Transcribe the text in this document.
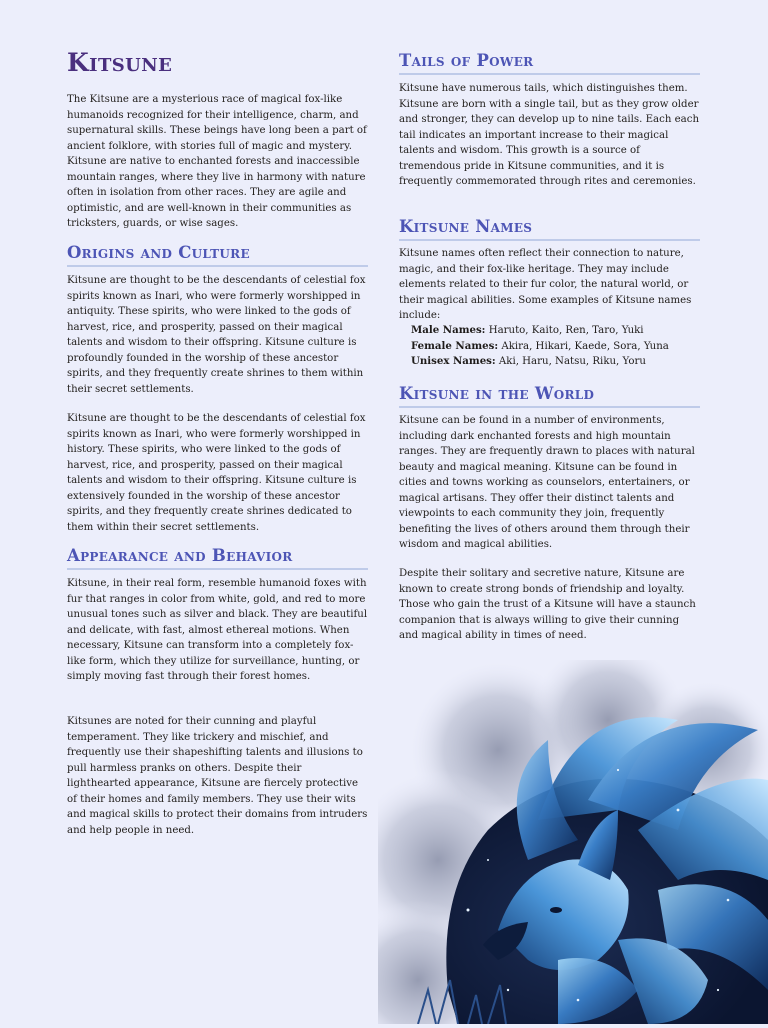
Kitsune

The Kitsune are a mysterious race of magical fox-like humanoids recognized for their intelligence, charm, and supernatural skills. These beings have long been a part of ancient folklore, with stories full of magic and mystery. Kitsune are native to enchanted forests and inaccessible mountain ranges, where they live in harmony with nature often in isolation from other races. They are agile and optimistic, and are well-known in their communities as tricksters, guards, or wise sages.

Origins and Culture

Kitsune are thought to be the descendants of celestial fox spirits known as Inari, who were formerly worshipped in antiquity. These spirits, who were linked to the gods of harvest, rice, and prosperity, passed on their magical talents and wisdom to their offspring. Kitsune culture is profoundly founded in the worship of these ancestor spirits, and they frequently create shrines to them within their secret settlements.

Kitsune are thought to be the descendants of celestial fox spirits known as Inari, who were formerly worshipped in history. These spirits, who were linked to the gods of harvest, rice, and prosperity, passed on their magical talents and wisdom to their offspring. Kitsune culture is extensively founded in the worship of these ancestor spirits, and they frequently create shrines dedicated to them within their secret settlements.

Appearance and Behavior

Kitsune, in their real form, resemble humanoid foxes with fur that ranges in color from white, gold, and red to more unusual tones such as silver and black. They are beautiful and delicate, with fast, almost ethereal motions. When necessary, Kitsune can transform into a completely fox-like form, which they utilize for surveillance, hunting, or simply moving fast through their forest homes.

Kitsunes are noted for their cunning and playful temperament. They like trickery and mischief, and frequently use their shapeshifting talents and illusions to pull harmless pranks on others. Despite their lighthearted appearance, Kitsune are fiercely protective of their homes and family members. They use their wits and magical skills to protect their domains from intruders and help people in need.

Tails of Power

Kitsune have numerous tails, which distinguishes them. Kitsune are born with a single tail, but as they grow older and stronger, they can develop up to nine tails. Each each tail indicates an important increase to their magical talents and wisdom. This growth is a source of tremendous pride in Kitsune communities, and it is frequently commemorated through rites and ceremonies.

Kitsune Names

Kitsune names often reflect their connection to nature, magic, and their fox-like heritage. They may include elements related to their fur color, the natural world, or their magical abilities. Some examples of Kitsune names include:

Male Names: Haruto, Kaito, Ren, Taro, Yuki
Female Names: Akira, Hikari, Kaede, Sora, Yuna
Unisex Names: Aki, Haru, Natsu, Riku, Yoru
Kitsune in the World

Kitsune can be found in a number of environments, including dark enchanted forests and high mountain ranges. They are frequently drawn to places with natural beauty and magical meaning. Kitsune can be found in cities and towns working as counselors, entertainers, or magical artisans. They offer their distinct talents and viewpoints to each community they join, frequently benefiting the lives of others around them through their wisdom and magical abilities.

Despite their solitary and secretive nature, Kitsune are known to create strong bonds of friendship and loyalty. Those who gain the trust of a Kitsune will have a staunch companion that is always willing to give their cunning and magical ability in times of need.
